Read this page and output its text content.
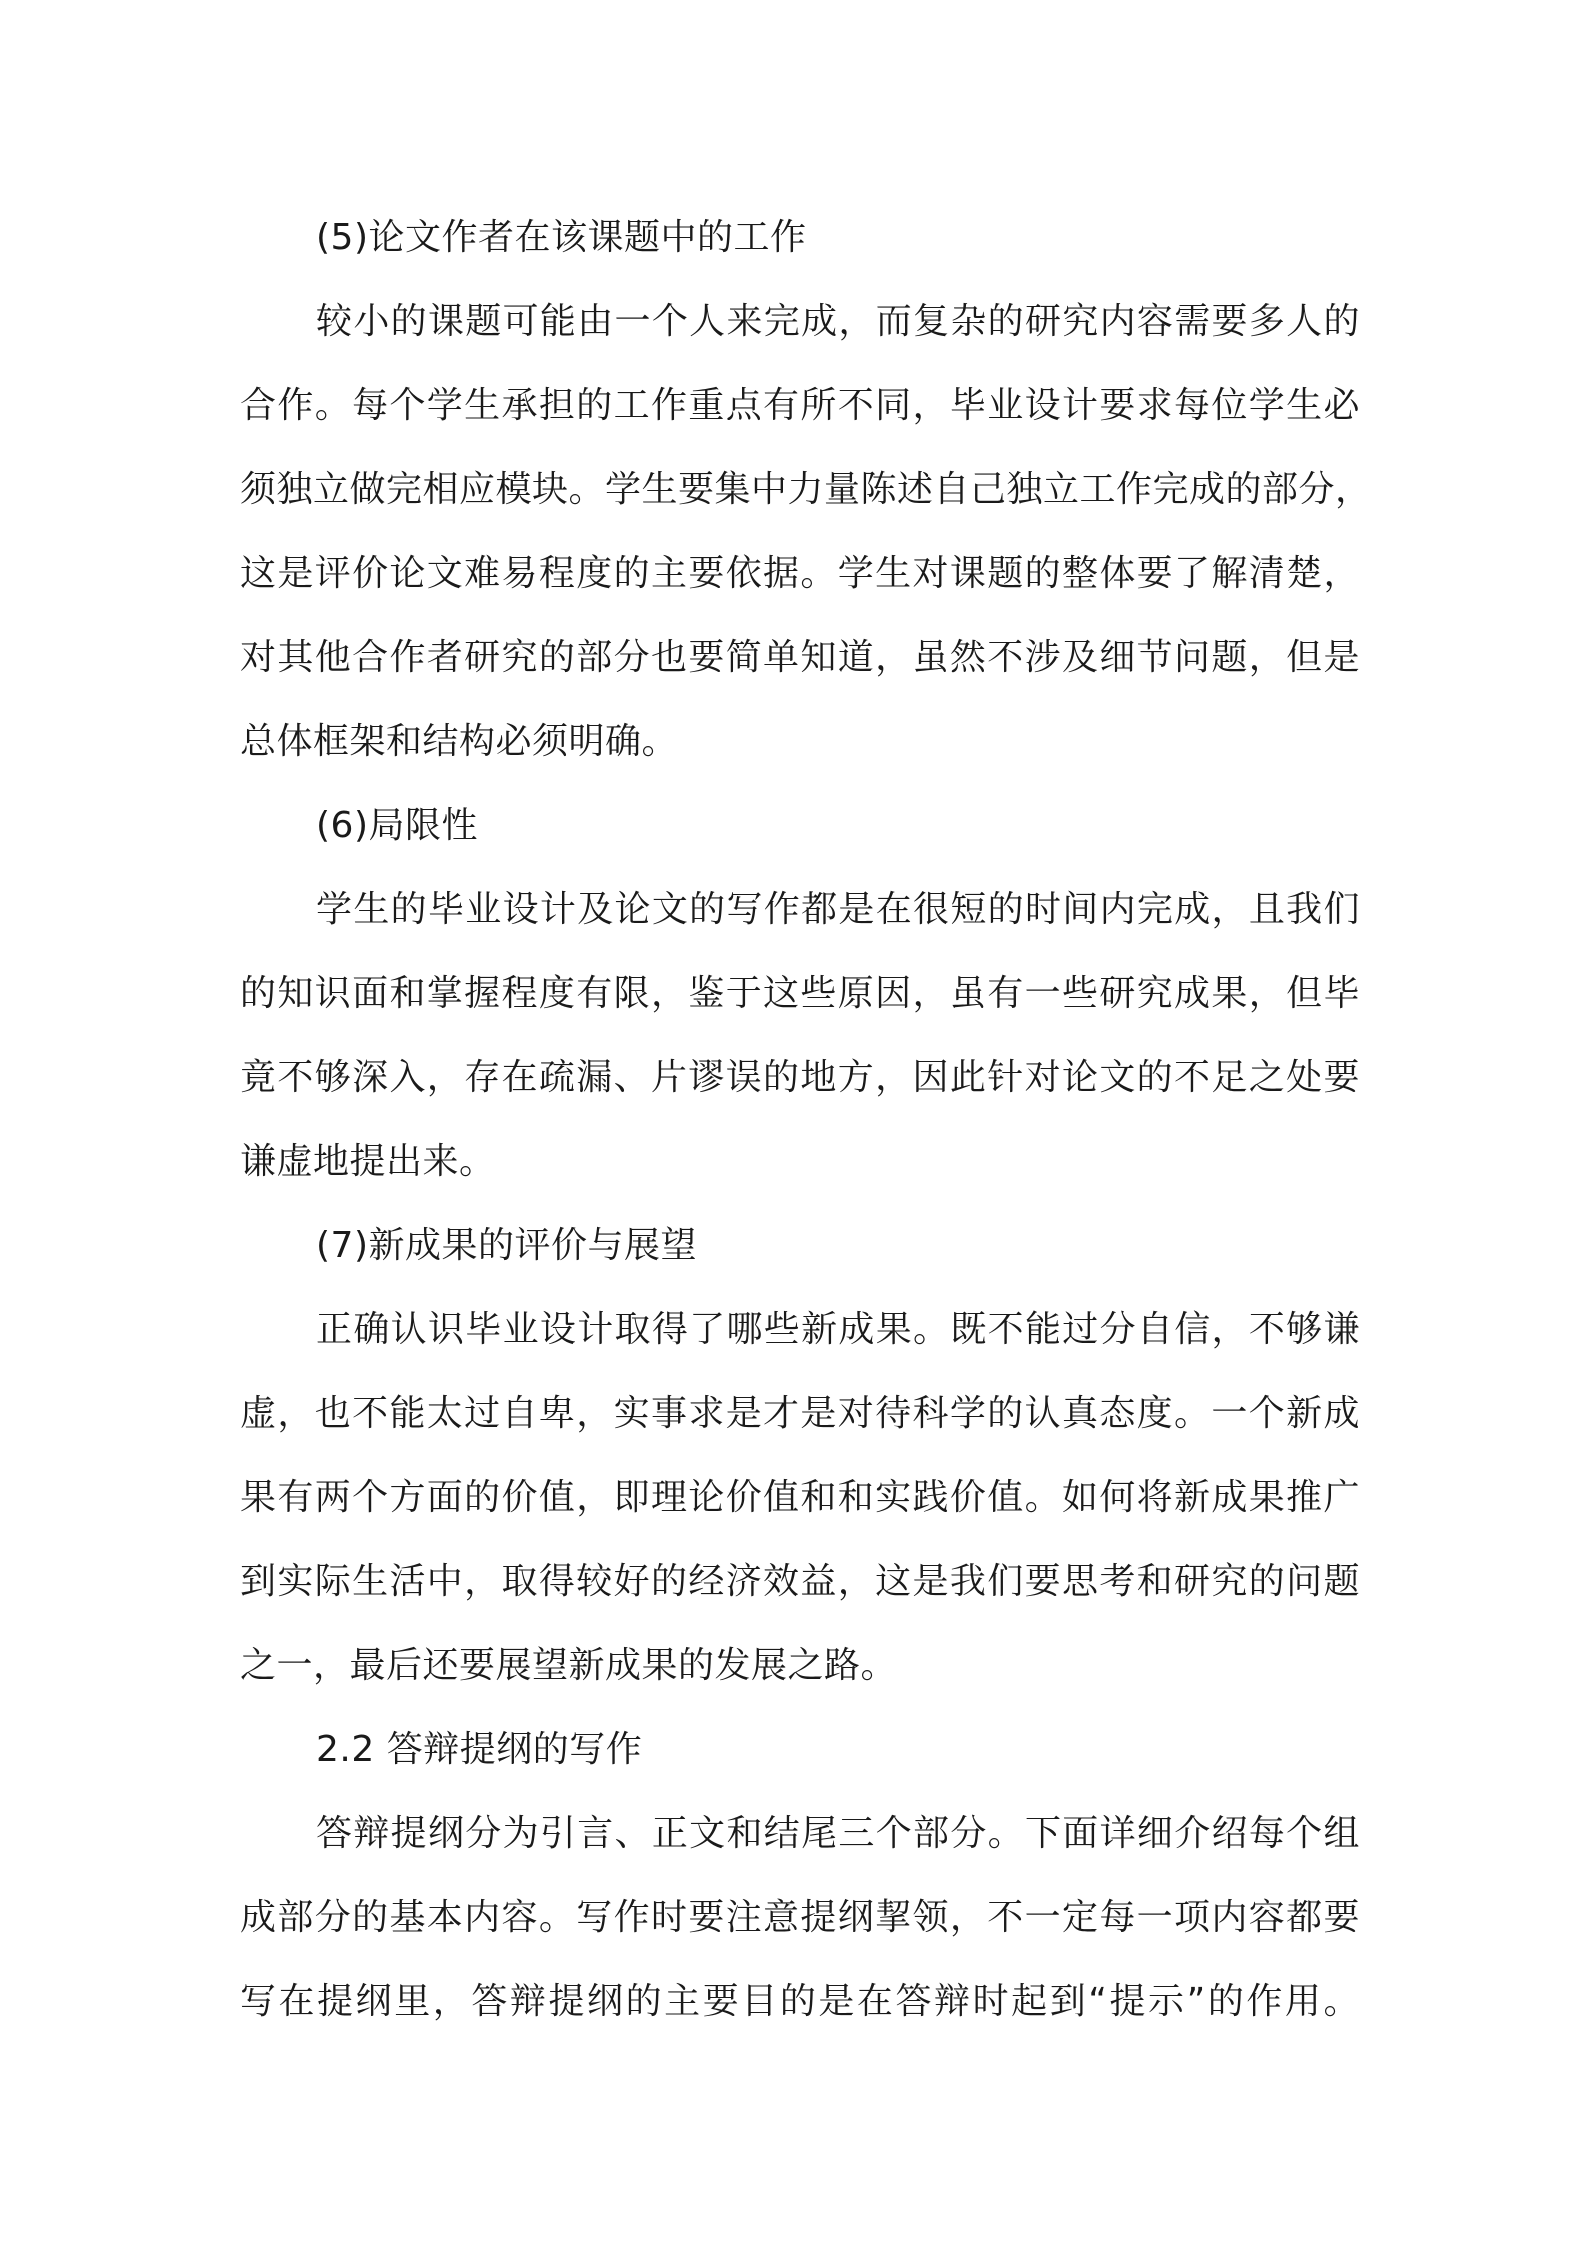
(5)论文作者在该课题中的工作
较小的课题可能由一个人来完成，而复杂的研究内容需要多人的
合作。每个学生承担的工作重点有所不同，毕业设计要求每位学生必
须独立做完相应模块。学生要集中力量陈述自己独立工作完成的部分，
这是评价论文难易程度的主要依据。学生对课题的整体要了解清楚，
对其他合作者研究的部分也要简单知道，虽然不涉及细节问题，但是
总体框架和结构必须明确。
(6)局限性
学生的毕业设计及论文的写作都是在很短的时间内完成，且我们
的知识面和掌握程度有限，鉴于这些原因，虽有一些研究成果，但毕
竟不够深入，存在疏漏、片谬误的地方，因此针对论文的不足之处要
谦虚地提出来。
(7)新成果的评价与展望
正确认识毕业设计取得了哪些新成果。既不能过分自信，不够谦
虚，也不能太过自卑，实事求是才是对待科学的认真态度。一个新成
果有两个方面的价值，即理论价值和和实践价值。如何将新成果推广
到实际生活中，取得较好的经济效益，这是我们要思考和研究的问题
之一，最后还要展望新成果的发展之路。
2.2 答辩提纲的写作
答辩提纲分为引言、正文和结尾三个部分。下面详细介绍每个组
成部分的基本内容。写作时要注意提纲挈领，不一定每一项内容都要
写在提纲里，答辩提纲的主要目的是在答辩时起到“提示”的作用。
